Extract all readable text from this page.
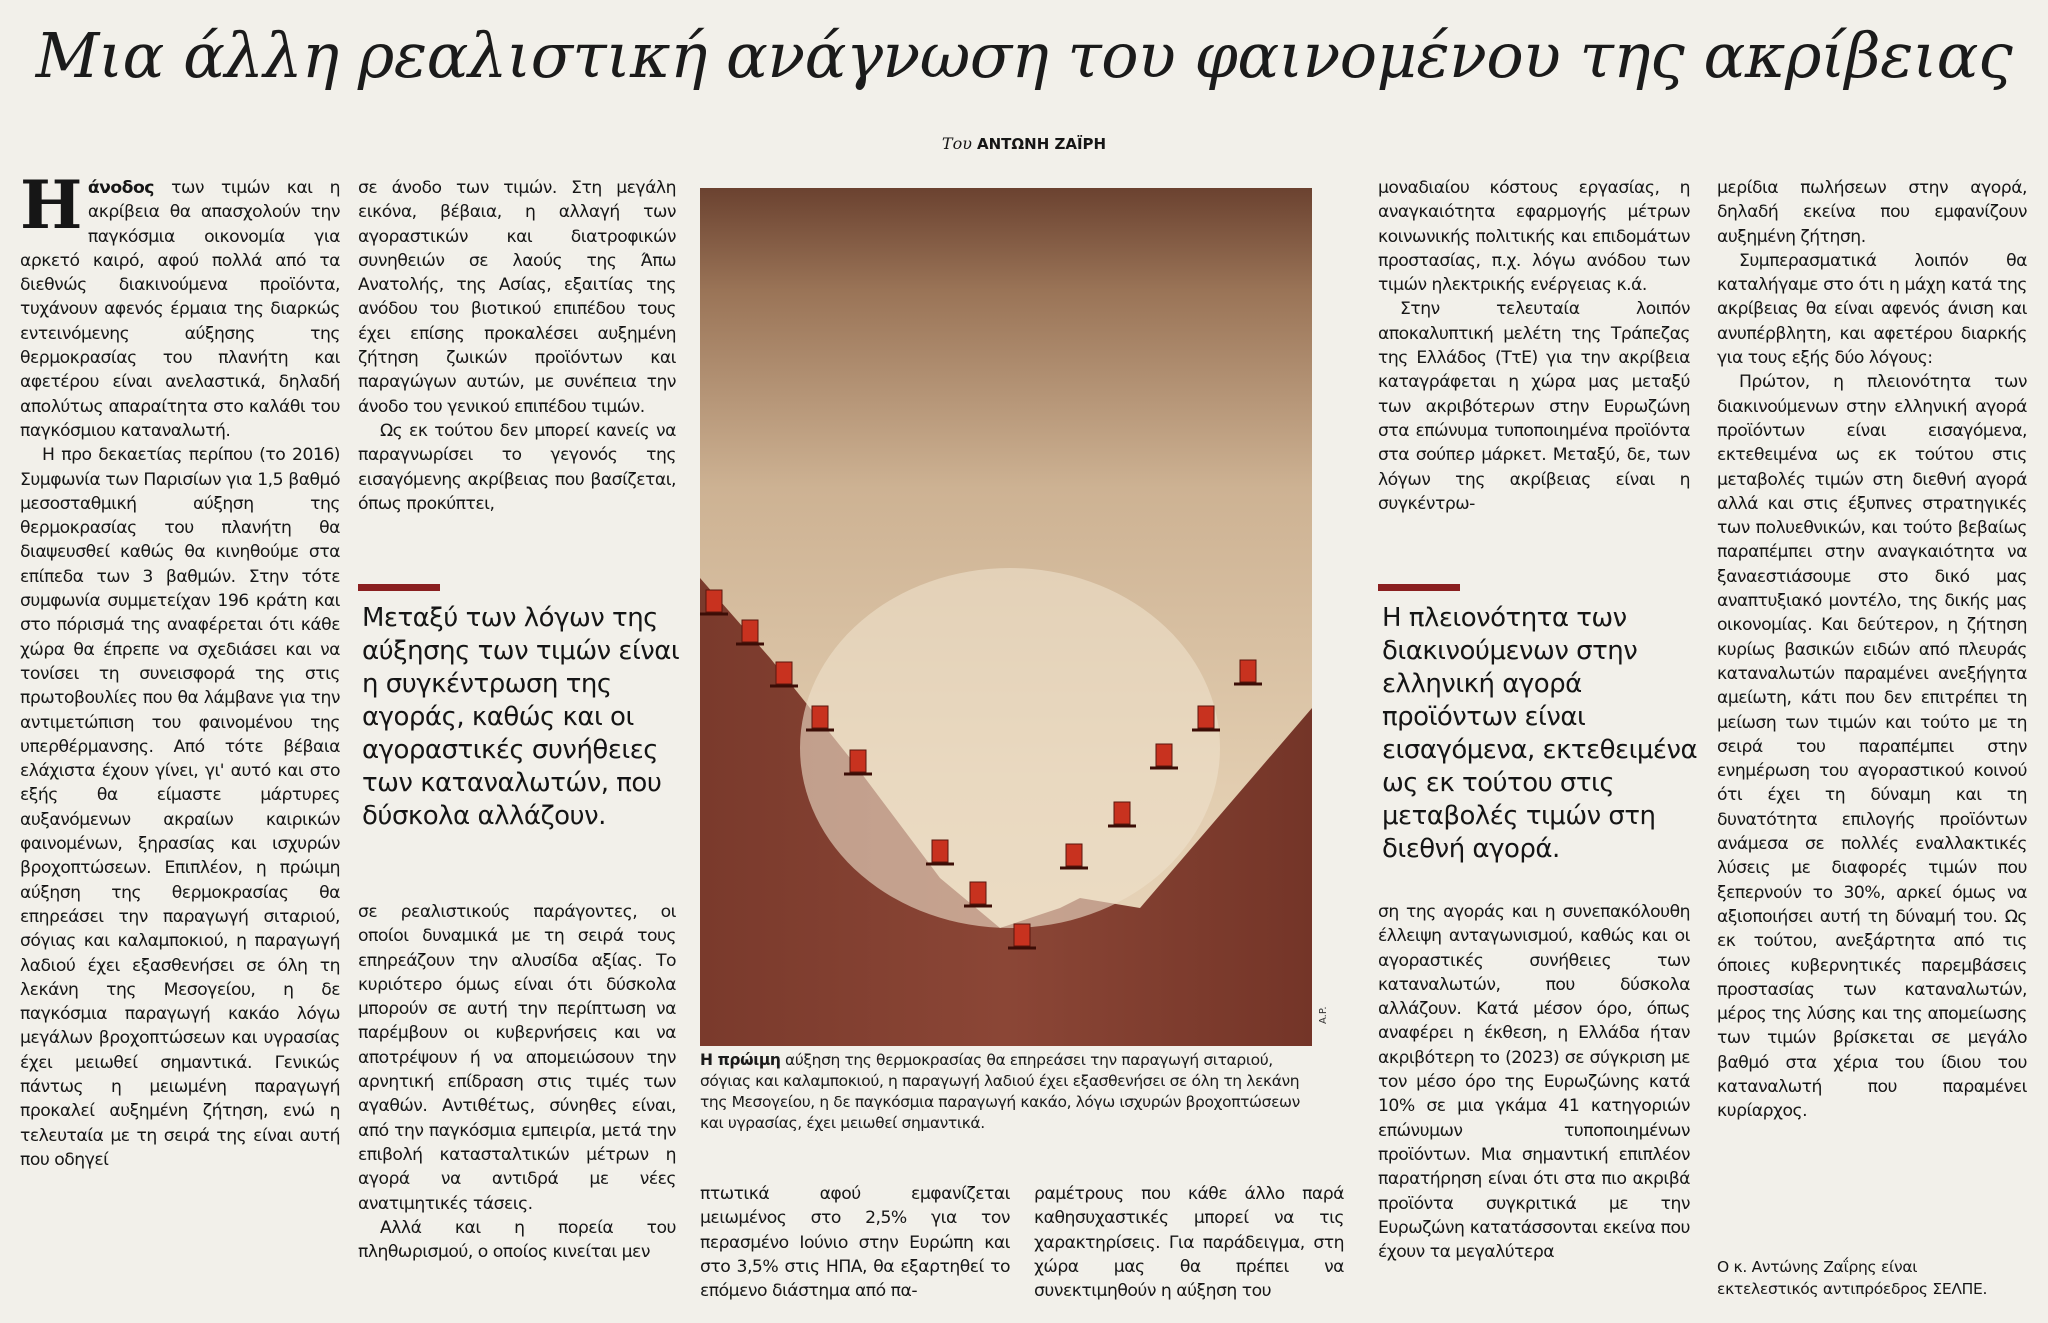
Μια άλλη ρεαλιστική ανάγνωση του φαινομένου της ακρίβειας
Του ΑΝΤΩΝΗ ΖΑΪΡΗ

Ηάνοδος των τιμών και η ακρίβεια θα απασχολούν την παγκόσμια οικονομία για αρκετό καιρό, αφού πολλά από τα διεθνώς διακινούμενα προϊόντα, τυχάνουν αφενός έρμαια της διαρκώς εντεινόμενης αύξησης της θερμοκρασίας του πλανήτη και αφετέρου είναι ανελαστικά, δηλαδή απολύτως απαραίτητα στο καλάθι του παγκόσμιου καταναλωτή.

Η προ δεκαετίας περίπου (το 2016) Συμφωνία των Παρισίων για 1,5 βαθμό μεσοσταθμική αύξηση της θερμοκρασίας του πλανήτη θα διαψευσθεί καθώς θα κινηθούμε στα επίπεδα των 3 βαθμών. Στην τότε συμφωνία συμμετείχαν 196 κράτη και στο πόρισμά της αναφέρεται ότι κάθε χώρα θα έπρεπε να σχεδιάσει και να τονίσει τη συνεισφορά της στις πρωτοβουλίες που θα λάμβανε για την αντιμετώπιση του φαινομένου της υπερθέρμανσης. Από τότε βέβαια ελάχιστα έχουν γίνει, γι' αυτό και στο εξής θα είμαστε μάρτυρες αυξανόμενων ακραίων καιρικών φαινομένων, ξηρασίας και ισχυρών βροχοπτώσεων. Επιπλέον, η πρώιμη αύξηση της θερμοκρασίας θα επηρεάσει την παραγωγή σιταριού, σόγιας και καλαμποκιού, η παραγωγή λαδιού έχει εξασθενήσει σε όλη τη λεκάνη της Μεσογείου, η δε παγκόσμια παραγωγή κακάο λόγω μεγάλων βροχοπτώσεων και υγρασίας έχει μειωθεί σημαντικά. Γενικώς πάντως η μειωμένη παραγωγή προκαλεί αυξημένη ζήτηση, ενώ η τελευταία με τη σειρά της είναι αυτή που οδηγεί

σε άνοδο των τιμών. Στη μεγάλη εικόνα, βέβαια, η αλλαγή των αγοραστικών και διατροφικών συνηθειών σε λαούς της Άπω Ανατολής, της Ασίας, εξαιτίας της ανόδου του βιοτικού επιπέδου τους έχει επίσης προκαλέσει αυξημένη ζήτηση ζωικών προϊόντων και παραγώγων αυτών, με συνέπεια την άνοδο του γενικού επιπέδου τιμών.

Ως εκ τούτου δεν μπορεί κανείς να παραγνωρίσει το γεγονός της εισαγόμενης ακρίβειας που βασίζεται, όπως προκύπτει,

Μεταξύ των λόγων της αύξησης των τιμών είναι η συγκέντρωση της αγοράς, καθώς και οι αγοραστικές συνήθειες των καταναλωτών, που δύσκολα αλλάζουν.

σε ρεαλιστικούς παράγοντες, οι οποίοι δυναμικά με τη σειρά τους επηρεάζουν την αλυσίδα αξίας. Το κυριότερο όμως είναι ότι δύσκολα μπορούν σε αυτή την περίπτωση να παρέμβουν οι κυβερνήσεις και να αποτρέψουν ή να απομειώσουν την αρνητική επίδραση στις τιμές των αγαθών. Αντιθέτως, σύνηθες είναι, από την παγκόσμια εμπειρία, μετά την επιβολή κατασταλτικών μέτρων η αγορά να αντιδρά με νέες ανατιμητικές τάσεις.

Αλλά και η πορεία του πληθωρισμού, ο οποίος κινείται μεν

A.P.
Η πρώιμη αύξηση της θερμοκρασίας θα επηρεάσει την παραγωγή σιταριού, σόγιας και καλαμποκιού, η παραγωγή λαδιού έχει εξασθενήσει σε όλη τη λεκάνη της Μεσογείου, η δε παγκόσμια παραγωγή κακάο, λόγω ισχυρών βροχοπτώσεων και υγρασίας, έχει μειωθεί σημαντικά.

πτωτικά αφού εμφανίζεται μειωμένος στο 2,5% για τον περασμένο Ιούνιο στην Ευρώπη και στο 3,5% στις ΗΠΑ, θα εξαρτηθεί το επόμενο διάστημα από πα-

ραμέτρους που κάθε άλλο παρά καθησυχαστικές μπορεί να τις χαρακτηρίσεις. Για παράδειγμα, στη χώρα μας θα πρέπει να συνεκτιμηθούν η αύξηση του

μοναδιαίου κόστους εργασίας, η αναγκαιότητα εφαρμογής μέτρων κοινωνικής πολιτικής και επιδομάτων προστασίας, π.χ. λόγω ανόδου των τιμών ηλεκτρικής ενέργειας κ.ά.

Στην τελευταία λοιπόν αποκαλυπτική μελέτη της Τράπεζας της Ελλάδος (ΤτΕ) για την ακρίβεια καταγράφεται η χώρα μας μεταξύ των ακριβότερων στην Ευρωζώνη στα επώνυμα τυποποιημένα προϊόντα στα σούπερ μάρκετ. Μεταξύ, δε, των λόγων της ακρίβειας είναι η συγκέντρω-

Η πλειονότητα των διακινούμενων στην ελληνική αγορά προϊόντων είναι εισαγόμενα, εκτεθειμένα ως εκ τούτου στις μεταβολές τιμών στη διεθνή αγορά.

ση της αγοράς και η συνεπακόλουθη έλλειψη ανταγωνισμού, καθώς και οι αγοραστικές συνήθειες των καταναλωτών, που δύσκολα αλλάζουν. Κατά μέσον όρο, όπως αναφέρει η έκθεση, η Ελλάδα ήταν ακριβότερη το (2023) σε σύγκριση με τον μέσο όρο της Ευρωζώνης κατά 10% σε μια γκάμα 41 κατηγοριών επώνυμων τυποποιημένων προϊόντων. Μια σημαντική επιπλέον παρατήρηση είναι ότι στα πιο ακριβά προϊόντα συγκριτικά με την Ευρωζώνη κατατάσσονται εκείνα που έχουν τα μεγαλύτερα

μερίδια πωλήσεων στην αγορά, δηλαδή εκείνα που εμφανίζουν αυξημένη ζήτηση.

Συμπερασματικά λοιπόν θα καταλήγαμε στο ότι η μάχη κατά της ακρίβειας θα είναι αφενός άνιση και ανυπέρβλητη, και αφετέρου διαρκής για τους εξής δύο λόγους:

Πρώτον, η πλειονότητα των διακινούμενων στην ελληνική αγορά προϊόντων είναι εισαγόμενα, εκτεθειμένα ως εκ τούτου στις μεταβολές τιμών στη διεθνή αγορά αλλά και στις έξυπνες στρατηγικές των πολυεθνικών, και τούτο βεβαίως παραπέμπει στην αναγκαιότητα να ξαναεστιάσουμε στο δικό μας αναπτυξιακό μοντέλο, της δικής μας οικονομίας. Και δεύτερον, η ζήτηση κυρίως βασικών ειδών από πλευράς καταναλωτών παραμένει ανεξήγητα αμείωτη, κάτι που δεν επιτρέπει τη μείωση των τιμών και τούτο με τη σειρά του παραπέμπει στην ενημέρωση του αγοραστικού κοινού ότι έχει τη δύναμη και τη δυνατότητα επιλογής προϊόντων ανάμεσα σε πολλές εναλλακτικές λύσεις με διαφορές τιμών που ξεπερνούν το 30%, αρκεί όμως να αξιοποιήσει αυτή τη δύναμή του. Ως εκ τούτου, ανεξάρτητα από τις όποιες κυβερνητικές παρεμβάσεις προστασίας των καταναλωτών, μέρος της λύσης και της απομείωσης των τιμών βρίσκεται σε μεγάλο βαθμό στα χέρια του ίδιου του καταναλωτή που παραμένει κυρίαρχος.

Ο κ. Αντώνης Ζαΐρης είναι εκτελεστικός αντιπρόεδρος ΣΕΛΠΕ.
